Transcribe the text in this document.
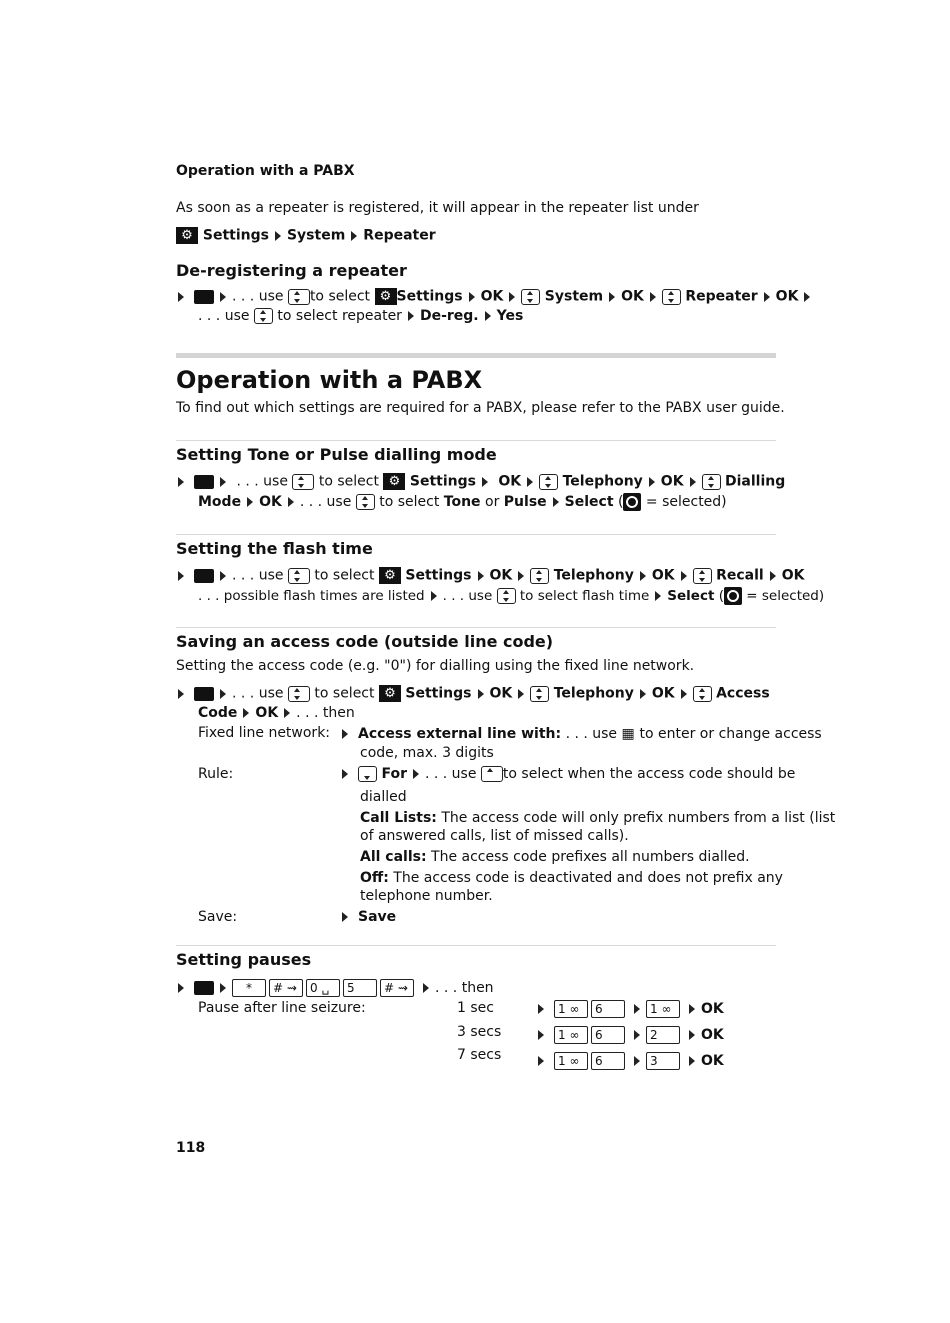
Operation with a PABX
As soon as a repeater is registered, it will appear in the repeater list under
⚙ Settings System Repeater
De-registering a repeater
. . . use to select ⚙ Settings OK	System OK	Repeater OK
. . . use to select repeater De-reg. Yes
Operation with a PABX
To find out which settings are required for a PABX, please refer to the PABX user guide.
Setting Tone or Pulse dialling mode
. . . use to select ⚙ Settings OK	Telephony OK	Dialling
Mode OK . . . use to select Tone or Pulse Select ( = selected)
Setting the flash time
. . . use to select ⚙ Settings OK	Telephony OK	Recall OK
. . . possible flash times are listed . . . use to select flash time Select ( = selected)
Saving an access code (outside line code)
Setting the access code (e.g. "0") for dialling using the fixed line network.
. . . use to select ⚙ Settings OK	Telephony OK	Access
Code OK . . . then
Fixed line network:	Access external line with: . . . use ▦ to enter or change access
code, max. 3 digits
Rule:	For . . . use to select when the access code should be
dialled
Call Lists: The access code will only prefix numbers from a list (list
of answered calls, list of missed calls).
All calls: The access code prefixes all numbers dialled.
Off: The access code is deactivated and does not prefix any
telephone number.
Save:	Save
Setting pauses
* # ⇝ 0 ␣ 5 # ⇝ . . . then
Pause after line seizure:	1 sec	1 ∞ 6	1 ∞ OK
3 secs	1 ∞ 6	2	OK
7 secs	1 ∞ 6	3	OK
118
